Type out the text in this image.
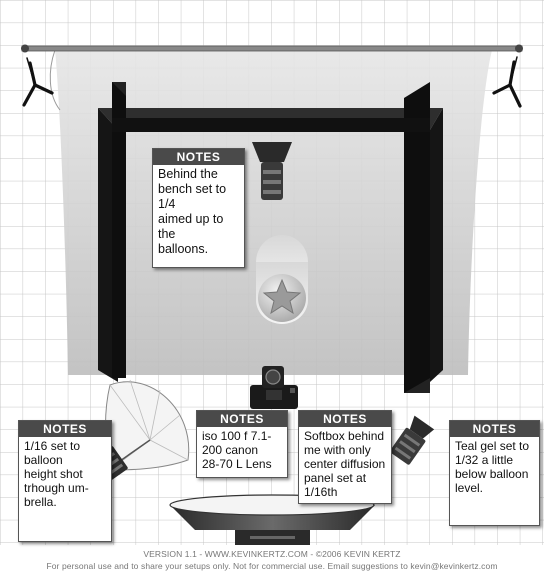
NOTES
Behind the
bench set to 1/4
aimed up to the
balloons.
NOTES
1/16 set to
balloon
height shot
trhough um-
brella.
NOTES
iso 100 f 7.1-
200 canon
28-70 L Lens
NOTES
Softbox behind
me with only
center diffusion
panel set at
1/16th
NOTES
Teal gel set to
1/32 a little
below balloon
level.
VERSION 1.1 - WWW.KEVINKERTZ.COM - ©2006 KEVIN KERTZ
For personal use and to share your setups only. Not for commercial use. Email suggestions to kevin@kevinkertz.com
